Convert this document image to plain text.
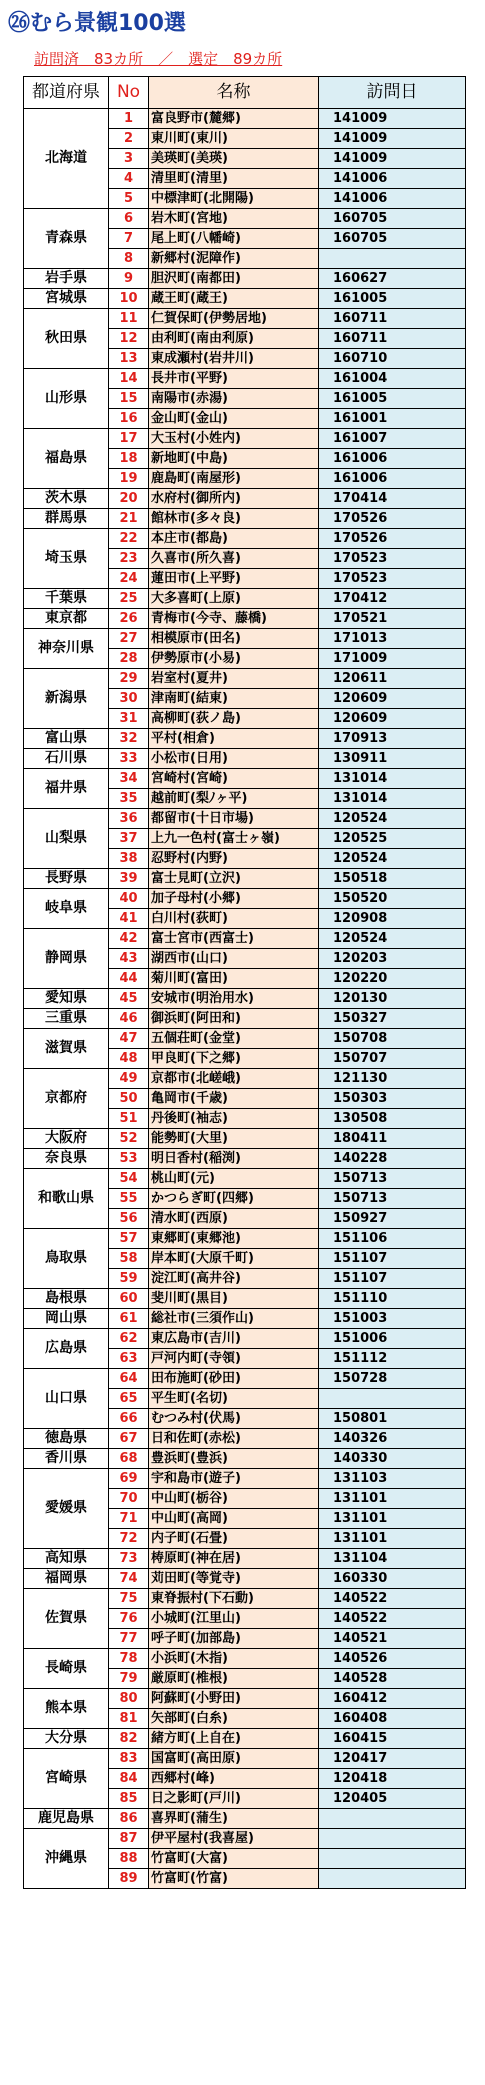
㉖むら景観100選
訪問済　83カ所　／　選定　89カ所
都道府県	No	名称	訪問日
北海道	1	富良野市(麓郷)	141009
	2	東川町(東川)	141009
	3	美瑛町(美瑛)	141009
	4	清里町(清里)	141006
	5	中標津町(北開陽)	141006
青森県	6	岩木町(宮地)	160705
	7	尾上町(八幡崎)	160705
	8	新郷村(泥障作)	
岩手県	9	胆沢町(南都田)	160627
宮城県	10	蔵王町(蔵王)	161005
秋田県	11	仁賀保町(伊勢居地)	160711
	12	由利町(南由利原)	160711
	13	東成瀬村(岩井川)	160710
山形県	14	長井市(平野)	161004
	15	南陽市(赤湯)	161005
	16	金山町(金山)	161001
福島県	17	大玉村(小姓内)	161007
	18	新地町(中島)	161006
	19	鹿島町(南屋形)	161006
茨木県	20	水府村(御所内)	170414
群馬県	21	館林市(多々良)	170526
埼玉県	22	本庄市(都島)	170526
	23	久喜市(所久喜)	170523
	24	蓮田市(上平野)	170523
千葉県	25	大多喜町(上原)	170412
東京都	26	青梅市(今寺、藤橋)	170521
神奈川県	27	相模原市(田名)	171013
	28	伊勢原市(小易)	171009
新潟県	29	岩室村(夏井)	120611
	30	津南町(結東)	120609
	31	高柳町(荻ノ島)	120609
富山県	32	平村(相倉)	170913
石川県	33	小松市(日用)	130911
福井県	34	宮崎村(宮崎)	131014
	35	越前町(梨ﾉヶ平)	131014
山梨県	36	都留市(十日市場)	120524
	37	上九一色村(富士ヶ嶺)	120525
	38	忍野村(内野)	120524
長野県	39	富士見町(立沢)	150518
岐阜県	40	加子母村(小郷)	150520
	41	白川村(荻町)	120908
静岡県	42	富士宮市(西富士)	120524
	43	湖西市(山口)	120203
	44	菊川町(富田)	120220
愛知県	45	安城市(明治用水)	120130
三重県	46	御浜町(阿田和)	150327
滋賀県	47	五個荘町(金堂)	150708
	48	甲良町(下之郷)	150707
京都府	49	京都市(北嵯峨)	121130
	50	亀岡市(千歳)	150303
	51	丹後町(袖志)	130508
大阪府	52	能勢町(大里)	180411
奈良県	53	明日香村(稲渕)	140228
和歌山県	54	桃山町(元)	150713
	55	かつらぎ町(四郷)	150713
	56	清水町(西原)	150927
鳥取県	57	東郷町(東郷池)	151106
	58	岸本町(大原千町)	151107
	59	淀江町(高井谷)	151107
島根県	60	斐川町(黒目)	151110
岡山県	61	総社市(三須作山)	151003
広島県	62	東広島市(吉川)	151006
	63	戸河内町(寺領)	151112
山口県	64	田布施町(砂田)	150728
	65	平生町(名切)	
	66	むつみ村(伏馬)	150801
徳島県	67	日和佐町(赤松)	140326
香川県	68	豊浜町(豊浜)	140330
愛媛県	69	宇和島市(遊子)	131103
	70	中山町(栃谷)	131101
	71	中山町(高岡)	131101
	72	内子町(石畳)	131101
高知県	73	梼原町(神在居)	131104
福岡県	74	苅田町(等覚寺)	160330
佐賀県	75	東脊振村(下石動)	140522
	76	小城町(江里山)	140522
	77	呼子町(加部島)	140521
長崎県	78	小浜町(木指)	140526
	79	厳原町(椎根)	140528
熊本県	80	阿蘇町(小野田)	160412
	81	矢部町(白糸)	160408
大分県	82	緒方町(上自在)	160415
宮崎県	83	国富町(高田原)	120417
	84	西郷村(峰)	120418
	85	日之影町(戸川)	120405
鹿児島県	86	喜界町(蒲生)	
沖縄県	87	伊平屋村(我喜屋)	
	88	竹富町(大富)	
	89	竹富町(竹富)	
